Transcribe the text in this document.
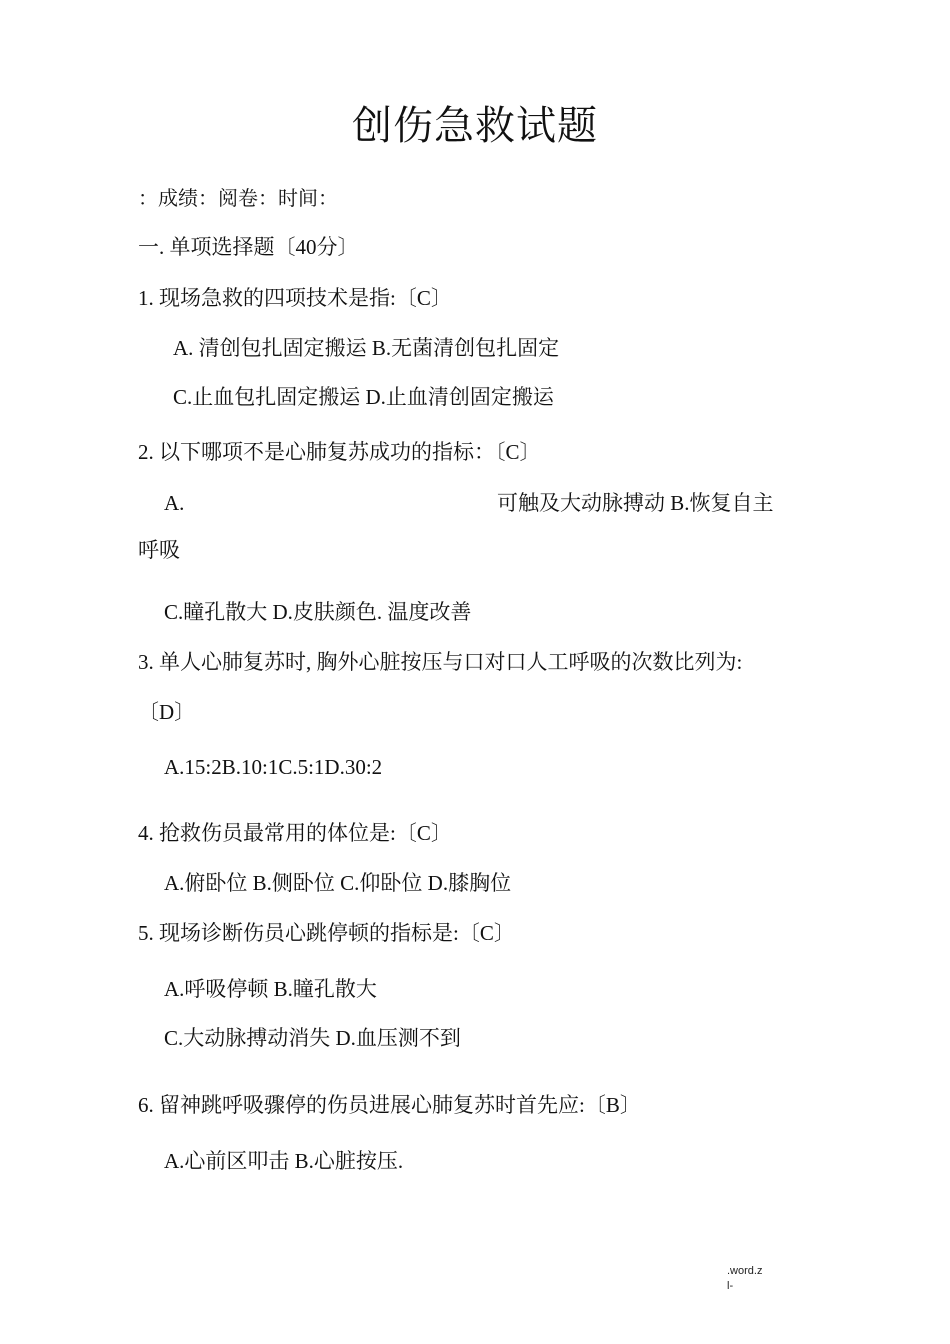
创伤急救试题
：成绩：阅卷：时间：
一. 单项选择题〔40分〕
1. 现场急救的四项技术是指:〔C〕
A. 清创包扎固定搬运 B.无菌清创包扎固定
C.止血包扎固定搬运 D.止血清创固定搬运
2. 以下哪项不是心肺复苏成功的指标：〔C〕
A.	可触及大动脉搏动 B.恢复自主
呼吸
C.瞳孔散大 D.皮肤颜色. 温度改善
3. 单人心肺复苏时, 胸外心脏按压与口对口人工呼吸的次数比列为:
〔D〕
A.15:2B.10:1C.5:1D.30:2
4. 抢救伤员最常用的体位是:〔C〕
A.俯卧位 B.侧卧位 C.仰卧位 D.膝胸位
5. 现场诊断伤员心跳停顿的指标是:〔C〕
A.呼吸停顿 B.瞳孔散大
C.大动脉搏动消失 D.血压测不到
6. 留神跳呼吸骤停的伤员进展心肺复苏时首先应:〔B〕
A.心前区叩击 B.心脏按压.
.word.z
l-
